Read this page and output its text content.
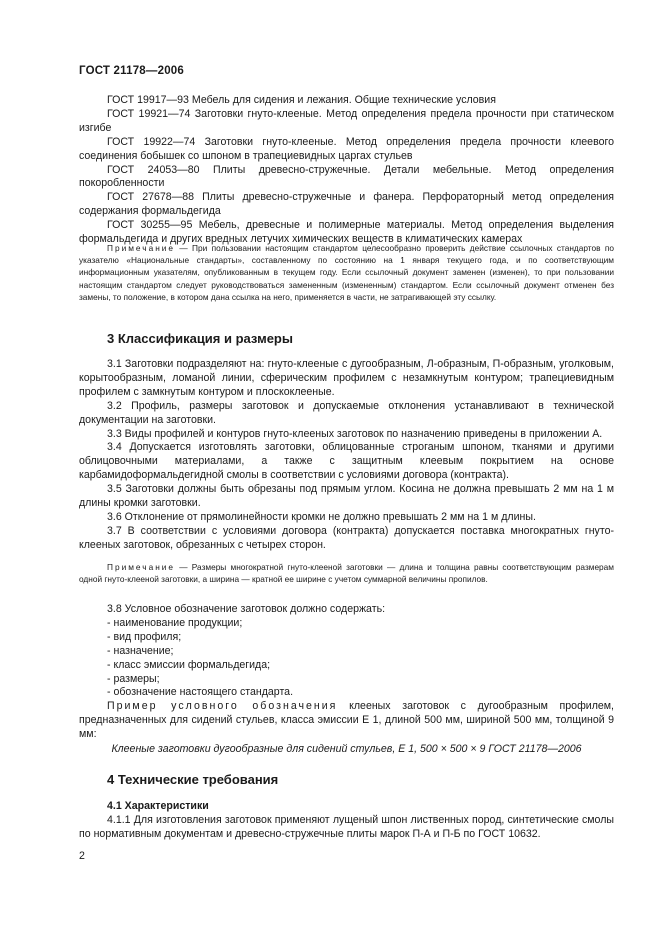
ГОСТ 21178—2006

ГОСТ 19917—93 Мебель для сидения и лежания. Общие технические условия

ГОСТ 19921—74 Заготовки гнуто-клееные. Метод определения предела прочности при статическом изгибе

ГОСТ 19922—74 Заготовки гнуто-клееные. Метод определения предела прочности клеевого соединения бобышек со шпоном в трапециевидных царгах стульев

ГОСТ 24053—80 Плиты древесно-стружечные. Детали мебельные. Метод определения покоробленности

ГОСТ 27678—88 Плиты древесно-стружечные и фанера. Перфораторный метод определения содержания формальдегида

ГОСТ 30255—95 Мебель, древесные и полимерные материалы. Метод определения выделения формальдегида и других вредных летучих химических веществ в климатических камерах

Примечание — При пользовании настоящим стандартом целесообразно проверить действие ссылочных стандартов по указателю «Национальные стандарты», составленному по состоянию на 1 января текущего года, и по соответствующим информационным указателям, опубликованным в текущем году. Если ссылочный документ заменен (изменен), то при пользовании настоящим стандартом следует руководствоваться замененным (измененным) стандартом. Если ссылочный документ отменен без замены, то положение, в котором дана ссылка на него, применяется в части, не затрагивающей эту ссылку.

3 Классификация и размеры

3.1 Заготовки подразделяют на: гнуто-клееные с дугообразным, Л-образным, П-образным, уголковым, корытообразным, ломаной линии, сферическим профилем с незамкнутым контуром; трапециевидным профилем с замкнутым контуром и плоскоклееные.

3.2 Профиль, размеры заготовок и допускаемые отклонения устанавливают в технической документации на заготовки.

3.3 Виды профилей и контуров гнуто-клееных заготовок по назначению приведены в приложении А.

3.4 Допускается изготовлять заготовки, облицованные строганым шпоном, тканями и другими облицовочными материалами, а также с защитным клеевым покрытием на основе карбамидоформальдегидной смолы в соответствии с условиями договора (контракта).

3.5 Заготовки должны быть обрезаны под прямым углом. Косина не должна превышать 2 мм на 1 м длины кромки заготовки.

3.6 Отклонение от прямолинейности кромки не должно превышать 2 мм на 1 м длины.

3.7 В соответствии с условиями договора (контракта) допускается поставка многократных гнуто-клееных заготовок, обрезанных с четырех сторон.

Примечание — Размеры многократной гнуто-клееной заготовки — длина и толщина равны соответствующим размерам одной гнуто-клееной заготовки, а ширина — кратной ее ширине с учетом суммарной величины пропилов.

3.8 Условное обозначение заготовок должно содержать:

- наименование продукции;
- вид профиля;
- назначение;
- класс эмиссии формальдегида;
- размеры;
- обозначение настоящего стандарта.

Пример условного обозначения клееных заготовок с дугообразным профилем, предназначенных для сидений стульев, класса эмиссии Е 1, длиной 500 мм, шириной 500 мм, толщиной 9 мм:

Клееные заготовки дугообразные для сидений стульев, Е 1, 500 × 500 × 9 ГОСТ 21178—2006

4 Технические требования
4.1 Характеристики

4.1.1 Для изготовления заготовок применяют лущеный шпон лиственных пород, синтетические смолы по нормативным документам и древесно-стружечные плиты марок П-А и П-Б по ГОСТ 10632.

2
